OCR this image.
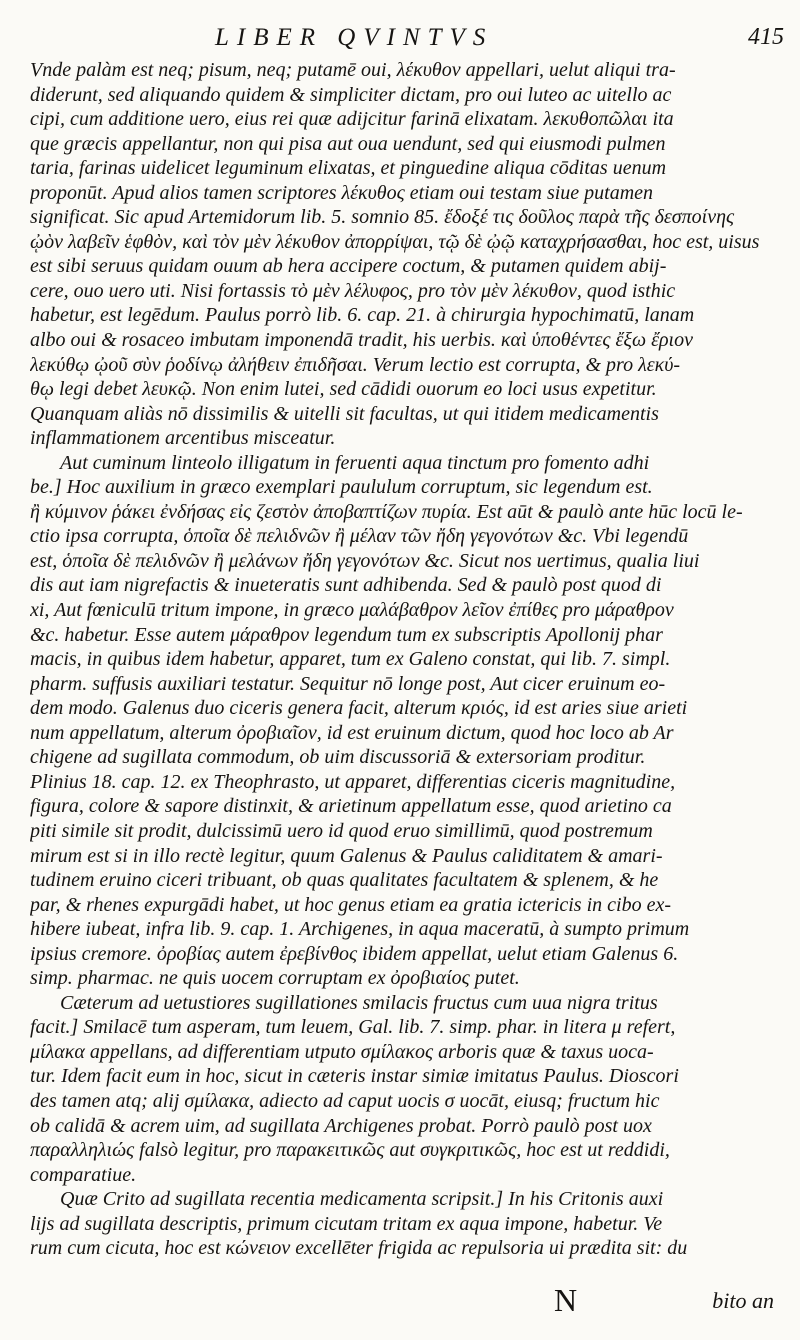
LIBER QVINTVS	415
Vnde palàm est neq; pisum, neq; putamē oui, λέκυθον appellari, uelut aliqui tra-
diderunt, sed aliquando quidem & simpliciter dictam, pro oui luteo ac uitello ac
cipi, cum additione uero, eius rei quæ adijcitur farinā elixatam. λεκυθοπῶλαι ita
que græcis appellantur, non qui pisa aut oua uendunt, sed qui eiusmodi pulmen
taria, farinas uidelicet leguminum elixatas, et pinguedine aliqua cōditas uenum
proponūt. Apud alios tamen scriptores λέκυθος etiam oui testam siue putamen
significat. Sic apud Artemidorum lib. 5. somnio 85. ἔδοξέ τις δοῦλος παρὰ τῆς δεσποίνης
ᾠὸν λαβεῖν ἑφθὸν, καὶ τὸν μὲν λέκυθον ἀπορρίψαι, τῷ δὲ ᾠῷ καταχρήσασθαι, hoc est, uisus
est sibi seruus quidam ouum ab hera accipere coctum, & putamen quidem abij-
cere, ouo uero uti. Nisi fortassis τὸ μὲν λέλυφος, pro τὸν μὲν λέκυθον, quod isthic
habetur, est legēdum. Paulus porrò lib. 6. cap. 21. à chirurgia hypochimatū, lanam
albo oui & rosaceo imbutam imponendā tradit, his uerbis. καὶ ὑποθέντες ἔξω ἔριον
λεκύθῳ ᾠοῦ σὺν ῥοδίνῳ ἀλήθειν ἐπιδῆσαι. Verum lectio est corrupta, & pro λεκύ-
θῳ legi debet λευκῷ. Non enim lutei, sed cādidi ouorum eo loci usus expetitur.
Quanquam aliàs nō dissimilis & uitelli sit facultas, ut qui itidem medicamentis
inflammationem arcentibus misceatur.
Aut cuminum linteolo illigatum in feruenti aqua tinctum pro fomento adhi
be.] Hoc auxilium in græco exemplari paululum corruptum, sic legendum est.
ἢ κύμινον ῥάκει ἐνδήσας εἰς ζεστὸν ἀποβαπτίζων πυρία. Est aūt & paulò ante hūc locū le-
ctio ipsa corrupta, ὁποῖα δὲ πελιδνῶν ἢ μέλαν τῶν ἤδη γεγονότων &c. Vbi legendū
est, ὁποῖα δὲ πελιδνῶν ἢ μελάνων ἤδη γεγονότων &c. Sicut nos uertimus, qualia liui
dis aut iam nigrefactis & inueteratis sunt adhibenda. Sed & paulò post quod di
xi, Aut fœniculū tritum impone, in græco μαλάβαθρον λεῖον ἐπίθες pro μάραθρον
&c. habetur. Esse autem μάραθρον legendum tum ex subscriptis Apollonij phar
macis, in quibus idem habetur, apparet, tum ex Galeno constat, qui lib. 7. simpl.
pharm. suffusis auxiliari testatur. Sequitur nō longe post, Aut cicer eruinum eo-
dem modo. Galenus duo ciceris genera facit, alterum κριός, id est aries siue arieti
num appellatum, alterum ὀροβιαῖον, id est eruinum dictum, quod hoc loco ab Ar
chigene ad sugillata commodum, ob uim discussoriā & extersoriam proditur.
Plinius 18. cap. 12. ex Theophrasto, ut apparet, differentias ciceris magnitudine,
figura, colore & sapore distinxit, & arietinum appellatum esse, quod arietino ca
piti simile sit prodit, dulcissimū uero id quod eruo simillimū, quod postremum
mirum est si in illo rectè legitur, quum Galenus & Paulus caliditatem & amari-
tudinem eruino ciceri tribuant, ob quas qualitates facultatem & splenem, & he
par, & rhenes expurgādi habet, ut hoc genus etiam ea gratia ictericis in cibo ex-
hibere iubeat, infra lib. 9. cap. 1. Archigenes, in aqua maceratū, à sumpto primum
ipsius cremore. ὀροβίας autem ἐρεβίνθος ibidem appellat, uelut etiam Galenus 6.
simp. pharmac. ne quis uocem corruptam ex ὀροβιαίος putet.
Cæterum ad uetustiores sugillationes smilacis fructus cum uua nigra tritus
facit.] Smilacē tum asperam, tum leuem, Gal. lib. 7. simp. phar. in litera μ refert,
μίλακα appellans, ad differentiam utputo σμίλακος arboris quæ & taxus uoca-
tur. Idem facit eum in hoc, sicut in cæteris instar simiæ imitatus Paulus. Dioscori
des tamen atq; alij σμίλακα, adiecto ad caput uocis σ uocāt, eiusq; fructum hic
ob calidā & acrem uim, ad sugillata Archigenes probat. Porrò paulò post uox
παραλληλιώς falsò legitur, pro παρακειτικῶς aut συγκριτικῶς, hoc est ut reddidi,
comparatiue.
Quæ Crito ad sugillata recentia medicamenta scripsit.] In his Critonis auxi
lijs ad sugillata descriptis, primum cicutam tritam ex aqua impone, habetur. Ve
rum cum cicuta, hoc est κώνειον excellēter frigida ac repulsoria ui prædita sit: du
N	bito an
